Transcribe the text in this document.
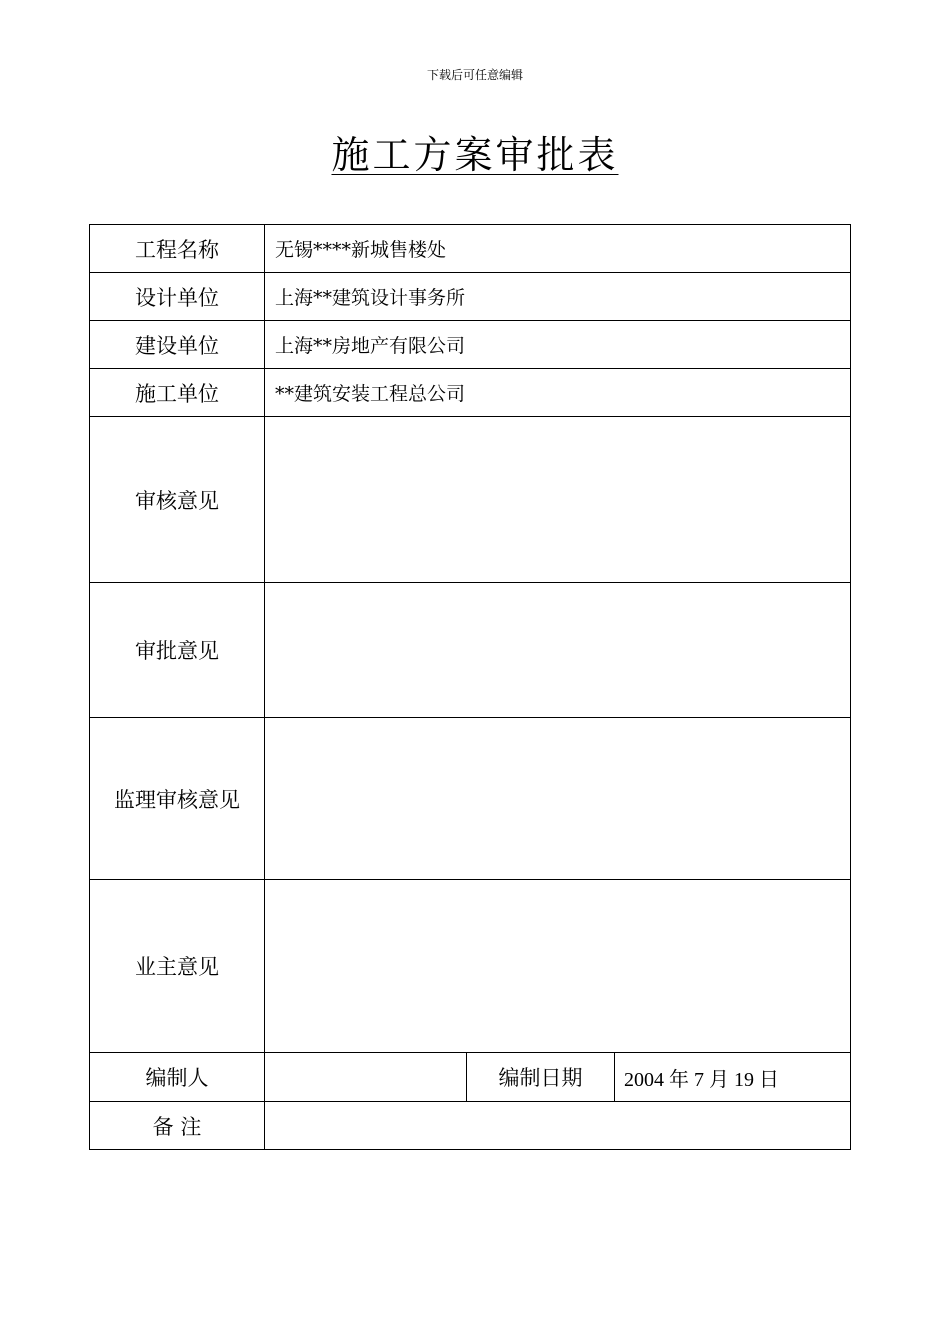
下载后可任意编辑
施工方案审批表
工程名称	无锡****新城售楼处		
设计单位	上海**建筑设计事务所		
建设单位	上海**房地产有限公司		
施工单位	**建筑安装工程总公司		
审核意见			
审批意见			
监理审核意见			
业主意见			
编制人		编制日期	2004 年 7 月 19 日
备 注			
